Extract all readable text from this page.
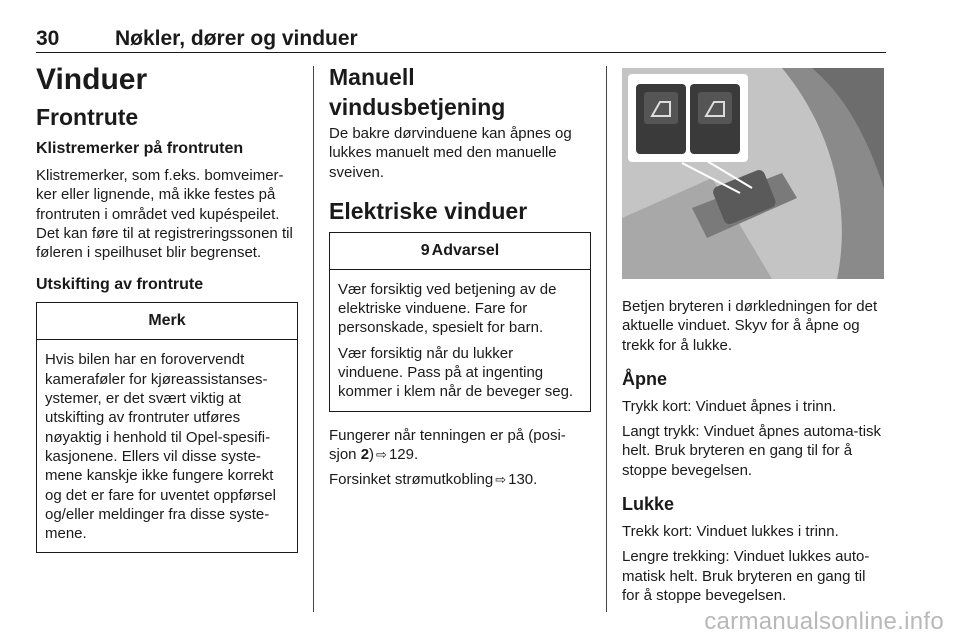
30	Nøkler, dører og vinduer
Vinduer
Frontrute
Klistremerker på frontruten

Klistremerker, som f.eks. bomveimer-ker eller lignende, må ikke festes på frontruten i området ved kupéspeilet. Det kan føre til at registreringssonen til føleren i speilhuset blir begrenset.

Utskifting av frontrute
Merk

Hvis bilen har en forovervendt kameraføler for kjøreassistanses-ystemer, er det svært viktig at utskifting av frontruter utføres nøyaktig i henhold til Opel-spesifi-kasjonene. Ellers vil disse syste-mene kanskje ikke fungere korrekt og det er fare for uventet oppførsel og/eller meldinger fra disse syste-mene.

Manuell vindusbetjening

De bakre dørvinduene kan åpnes og lukkes manuelt med den manuelle sveiven.

Elektriske vinduer
9 Advarsel

Vær forsiktig ved betjening av de elektriske vinduene. Fare for personskade, spesielt for barn.

Vær forsiktig når du lukker vinduene. Pass på at ingenting kommer i klem når de beveger seg.

Fungerer når tenningen er på (posi-sjon 2) ⇨ 129.

Forsinket strømutkobling ⇨ 130.

Betjen bryteren i dørkledningen for det aktuelle vinduet. Skyv for å åpne og trekk for å lukke.

Åpne

Trykk kort: Vinduet åpnes i trinn.

Langt trykk: Vinduet åpnes automa-tisk helt. Bruk bryteren en gang til for å stoppe bevegelsen.

Lukke

Trekk kort: Vinduet lukkes i trinn.

Lengre trekking: Vinduet lukkes auto-matisk helt. Bruk bryteren en gang til for å stoppe bevegelsen.

carmanualsonline.info
